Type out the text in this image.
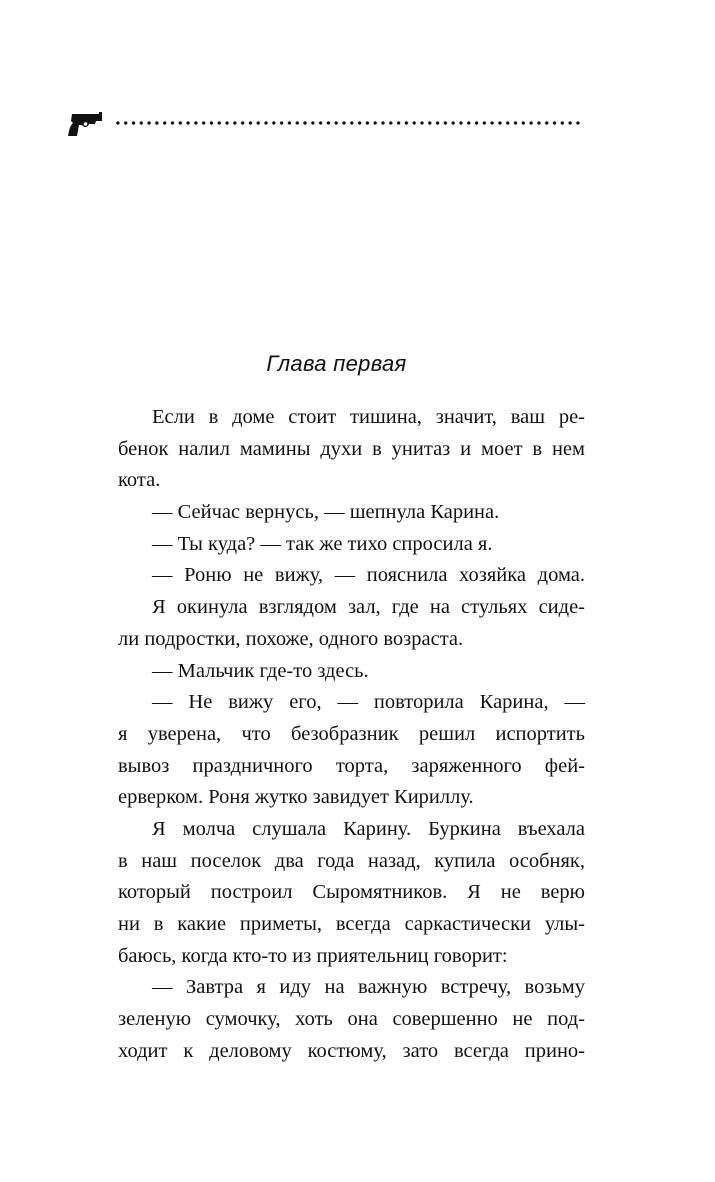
Глава первая
Если в доме стоит тишина, значит, ваш ре-
бенок налил мамины духи в унитаз и моет в нем
кота.
— Сейчас вернусь, — шепнула Карина.
— Ты куда? — так же тихо спросила я.
— Роню не вижу, — пояснила хозяйка дома.
Я окинула взглядом зал, где на стульях сиде-
ли подростки, похоже, одного возраста.
— Мальчик где-то здесь.
— Не вижу его, — повторила Карина, —
я уверена, что безобразник решил испортить
вывоз праздничного торта, заряженного фей-
ерверком. Роня жутко завидует Кириллу.
Я молча слушала Карину. Буркина въехала
в наш поселок два года назад, купила особняк,
который построил Сыромятников. Я не верю
ни в какие приметы, всегда саркастически улы-
баюсь, когда кто-то из приятельниц говорит:
— Завтра я иду на важную встречу, возьму
зеленую сумочку, хоть она совершенно не под-
ходит к деловому костюму, зато всегда прино-
